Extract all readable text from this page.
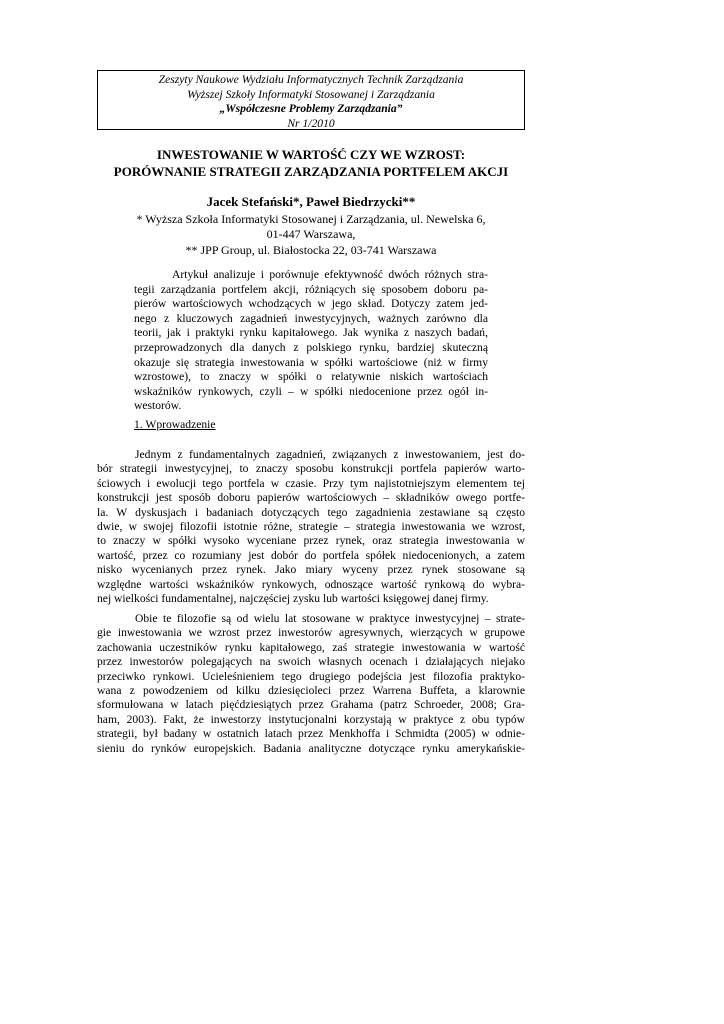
Zeszyty Naukowe Wydziału Informatycznych Technik Zarządzania
Wyższej Szkoły Informatyki Stosowanej i Zarządzania
„Współczesne Problemy Zarządzania”
Nr 1/2010
INWESTOWANIE W WARTOŚĆ CZY WE WZROST:
PORÓWNANIE STRATEGII ZARZĄDZANIA PORTFELEM AKCJI
Jacek Stefański*, Paweł Biedrzycki**
* Wyższa Szkoła Informatyki Stosowanej i Zarządzania, ul. Newelska 6,
01-447 Warszawa,
** JPP Group, ul. Białostocka 22, 03-741 Warszawa
Artykuł analizuje i porównuje efektywność dwóch różnych stra-
tegii zarządzania portfelem akcji, różniących się sposobem doboru pa-
pierów wartościowych wchodzących w jego skład. Dotyczy zatem jed-
nego z kluczowych zagadnień inwestycyjnych, ważnych zarówno dla
teorii, jak i praktyki rynku kapitałowego. Jak wynika z naszych badań,
przeprowadzonych dla danych z polskiego rynku, bardziej skuteczną
okazuje się strategia inwestowania w spółki wartościowe (niż w firmy
wzrostowe), to znaczy w spółki o relatywnie niskich wartościach
wskaźników rynkowych, czyli – w spółki niedocenione przez ogół in-
westorów.
1. Wprowadzenie
Jednym z fundamentalnych zagadnień, związanych z inwestowaniem, jest do-
bór strategii inwestycyjnej, to znaczy sposobu konstrukcji portfela papierów warto-
ściowych i ewolucji tego portfela w czasie. Przy tym najistotniejszym elementem tej
konstrukcji jest sposób doboru papierów wartościowych – składników owego portfe-
la. W dyskusjach i badaniach dotyczących tego zagadnienia zestawiane są często
dwie, w swojej filozofii istotnie różne, strategie – strategia inwestowania we wzrost,
to znaczy w spółki wysoko wyceniane przez rynek, oraz strategia inwestowania w
wartość, przez co rozumiany jest dobór do portfela spółek niedocenionych, a zatem
nisko wycenianych przez rynek. Jako miary wyceny przez rynek stosowane są
względne wartości wskaźników rynkowych, odnoszące wartość rynkową do wybra-
nej wielkości fundamentalnej, najczęściej zysku lub wartości księgowej danej firmy.
Obie te filozofie są od wielu lat stosowane w praktyce inwestycyjnej – strate-
gie inwestowania we wzrost przez inwestorów agresywnych, wierzących w grupowe
zachowania uczestników rynku kapitałowego, zaś strategie inwestowania w wartość
przez inwestorów polegających na swoich własnych ocenach i działających niejako
przeciwko rynkowi. Ucieleśnieniem tego drugiego podejścia jest filozofia praktyko-
wana z powodzeniem od kilku dziesięcioleci przez Warrena Buffeta, a klarownie
sformułowana w latach pięćdziesiątych przez Grahama (patrz Schroeder, 2008; Gra-
ham, 2003). Fakt, że inwestorzy instytucjonalni korzystają w praktyce z obu typów
strategii, był badany w ostatnich latach przez Menkhoffa i Schmidta (2005) w odnie-
sieniu do rynków europejskich. Badania analityczne dotyczące rynku amerykańskie-
